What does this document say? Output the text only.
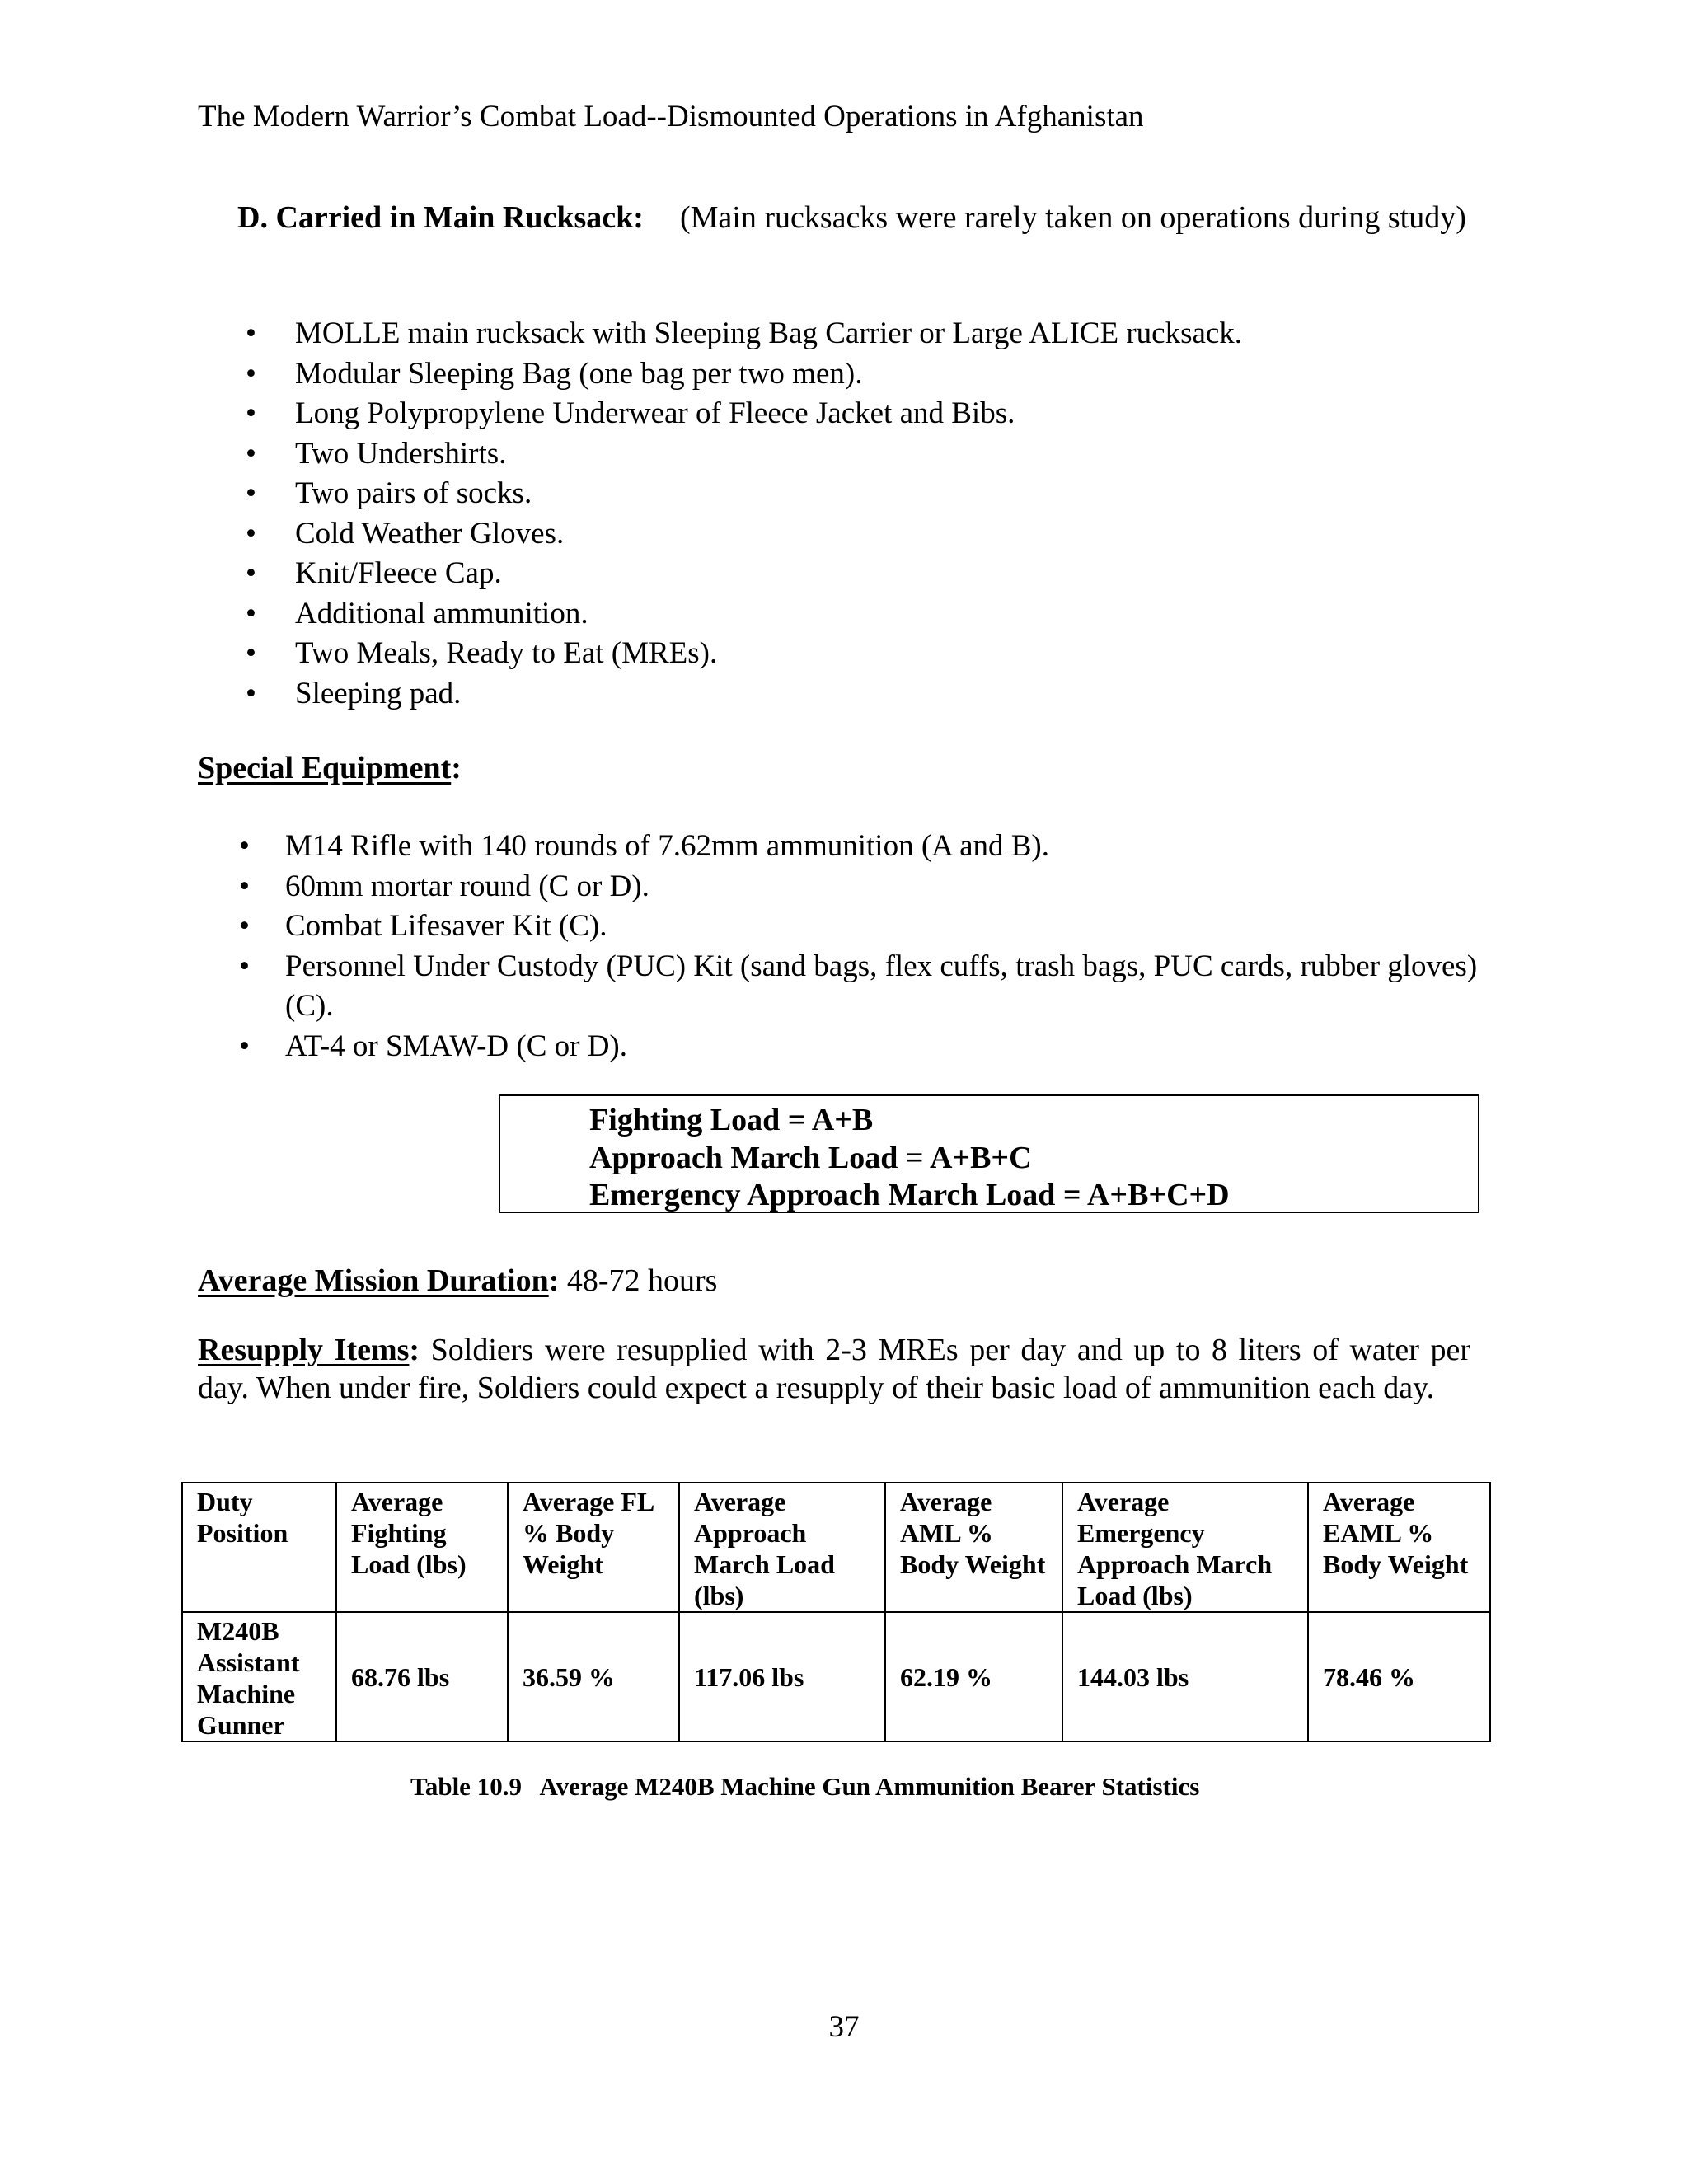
The Modern Warrior’s Combat Load--Dismounted Operations in Afghanistan
D. Carried in Main Rucksack: (Main rucksacks were rarely taken on operations during study)
• MOLLE main rucksack with Sleeping Bag Carrier or Large ALICE rucksack.
• Modular Sleeping Bag (one bag per two men).
• Long Polypropylene Underwear of Fleece Jacket and Bibs.
• Two Undershirts.
• Two pairs of socks.
• Cold Weather Gloves.
• Knit/Fleece Cap.
• Additional ammunition.
• Two Meals, Ready to Eat (MREs).
• Sleeping pad.
Special Equipment:
• M14 Rifle with 140 rounds of 7.62mm ammunition (A and B).
• 60mm mortar round (C or D).
• Combat Lifesaver Kit (C).
• Personnel Under Custody (PUC) Kit (sand bags, flex cuffs, trash bags, PUC cards, rubber gloves) (C).
• AT-4 or SMAW-D (C or D).
Fighting Load = A+B
Approach March Load = A+B+C
Emergency Approach March Load = A+B+C+D
Average Mission Duration: 48-72 hours
Resupply Items: Soldiers were resupplied with 2-3 MREs per day and up to 8 liters of water per day. When under fire, Soldiers could expect a resupply of their basic load of ammunition each day.
Duty Position	Average Fighting Load (lbs)	Average FL % Body Weight	Average Approach March Load (lbs)	Average AML % Body Weight	Average Emergency Approach March Load (lbs)	Average EAML % Body Weight
M240B Assistant Machine Gunner	68.76 lbs	36.59 %	117.06 lbs	62.19 %	144.03 lbs	78.46 %
Table 10.9   Average M240B Machine Gun Ammunition Bearer Statistics
37
